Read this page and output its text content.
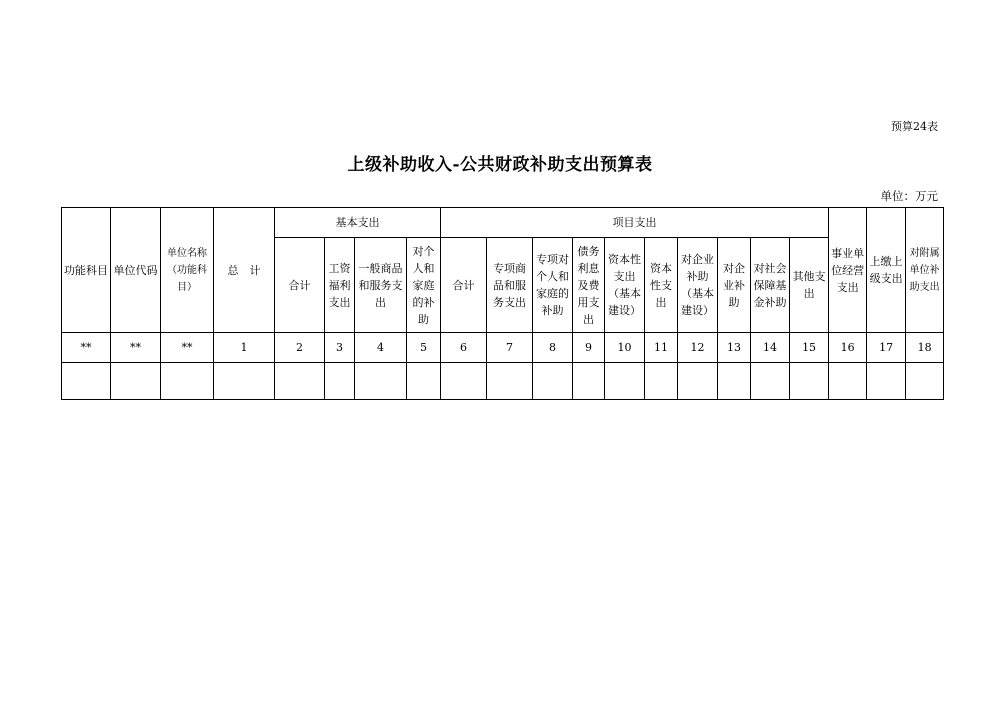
预算24表
上级补助收入-公共财政补助支出预算表
单位：万元
功能科目	单位代码	单位名称（功能科目）	总　计	基本支出				项目支出										事业单位经营支出	上缴上级支出	对附属单位补助支出
				合计	工资福利支出	一般商品和服务支出	对个人和家庭的补助	合计	专项商品和服务支出	专项对个人和家庭的补助	债务利息及费用支出	资本性支出（基本建设）	资本性支出	对企业补助（基本建设）	对企业补助	对社会保障基金补助	其他支出			
**	**	**	1	2	3	4	5	6	7	8	9	10	11	12	13	14	15	16	17	18
